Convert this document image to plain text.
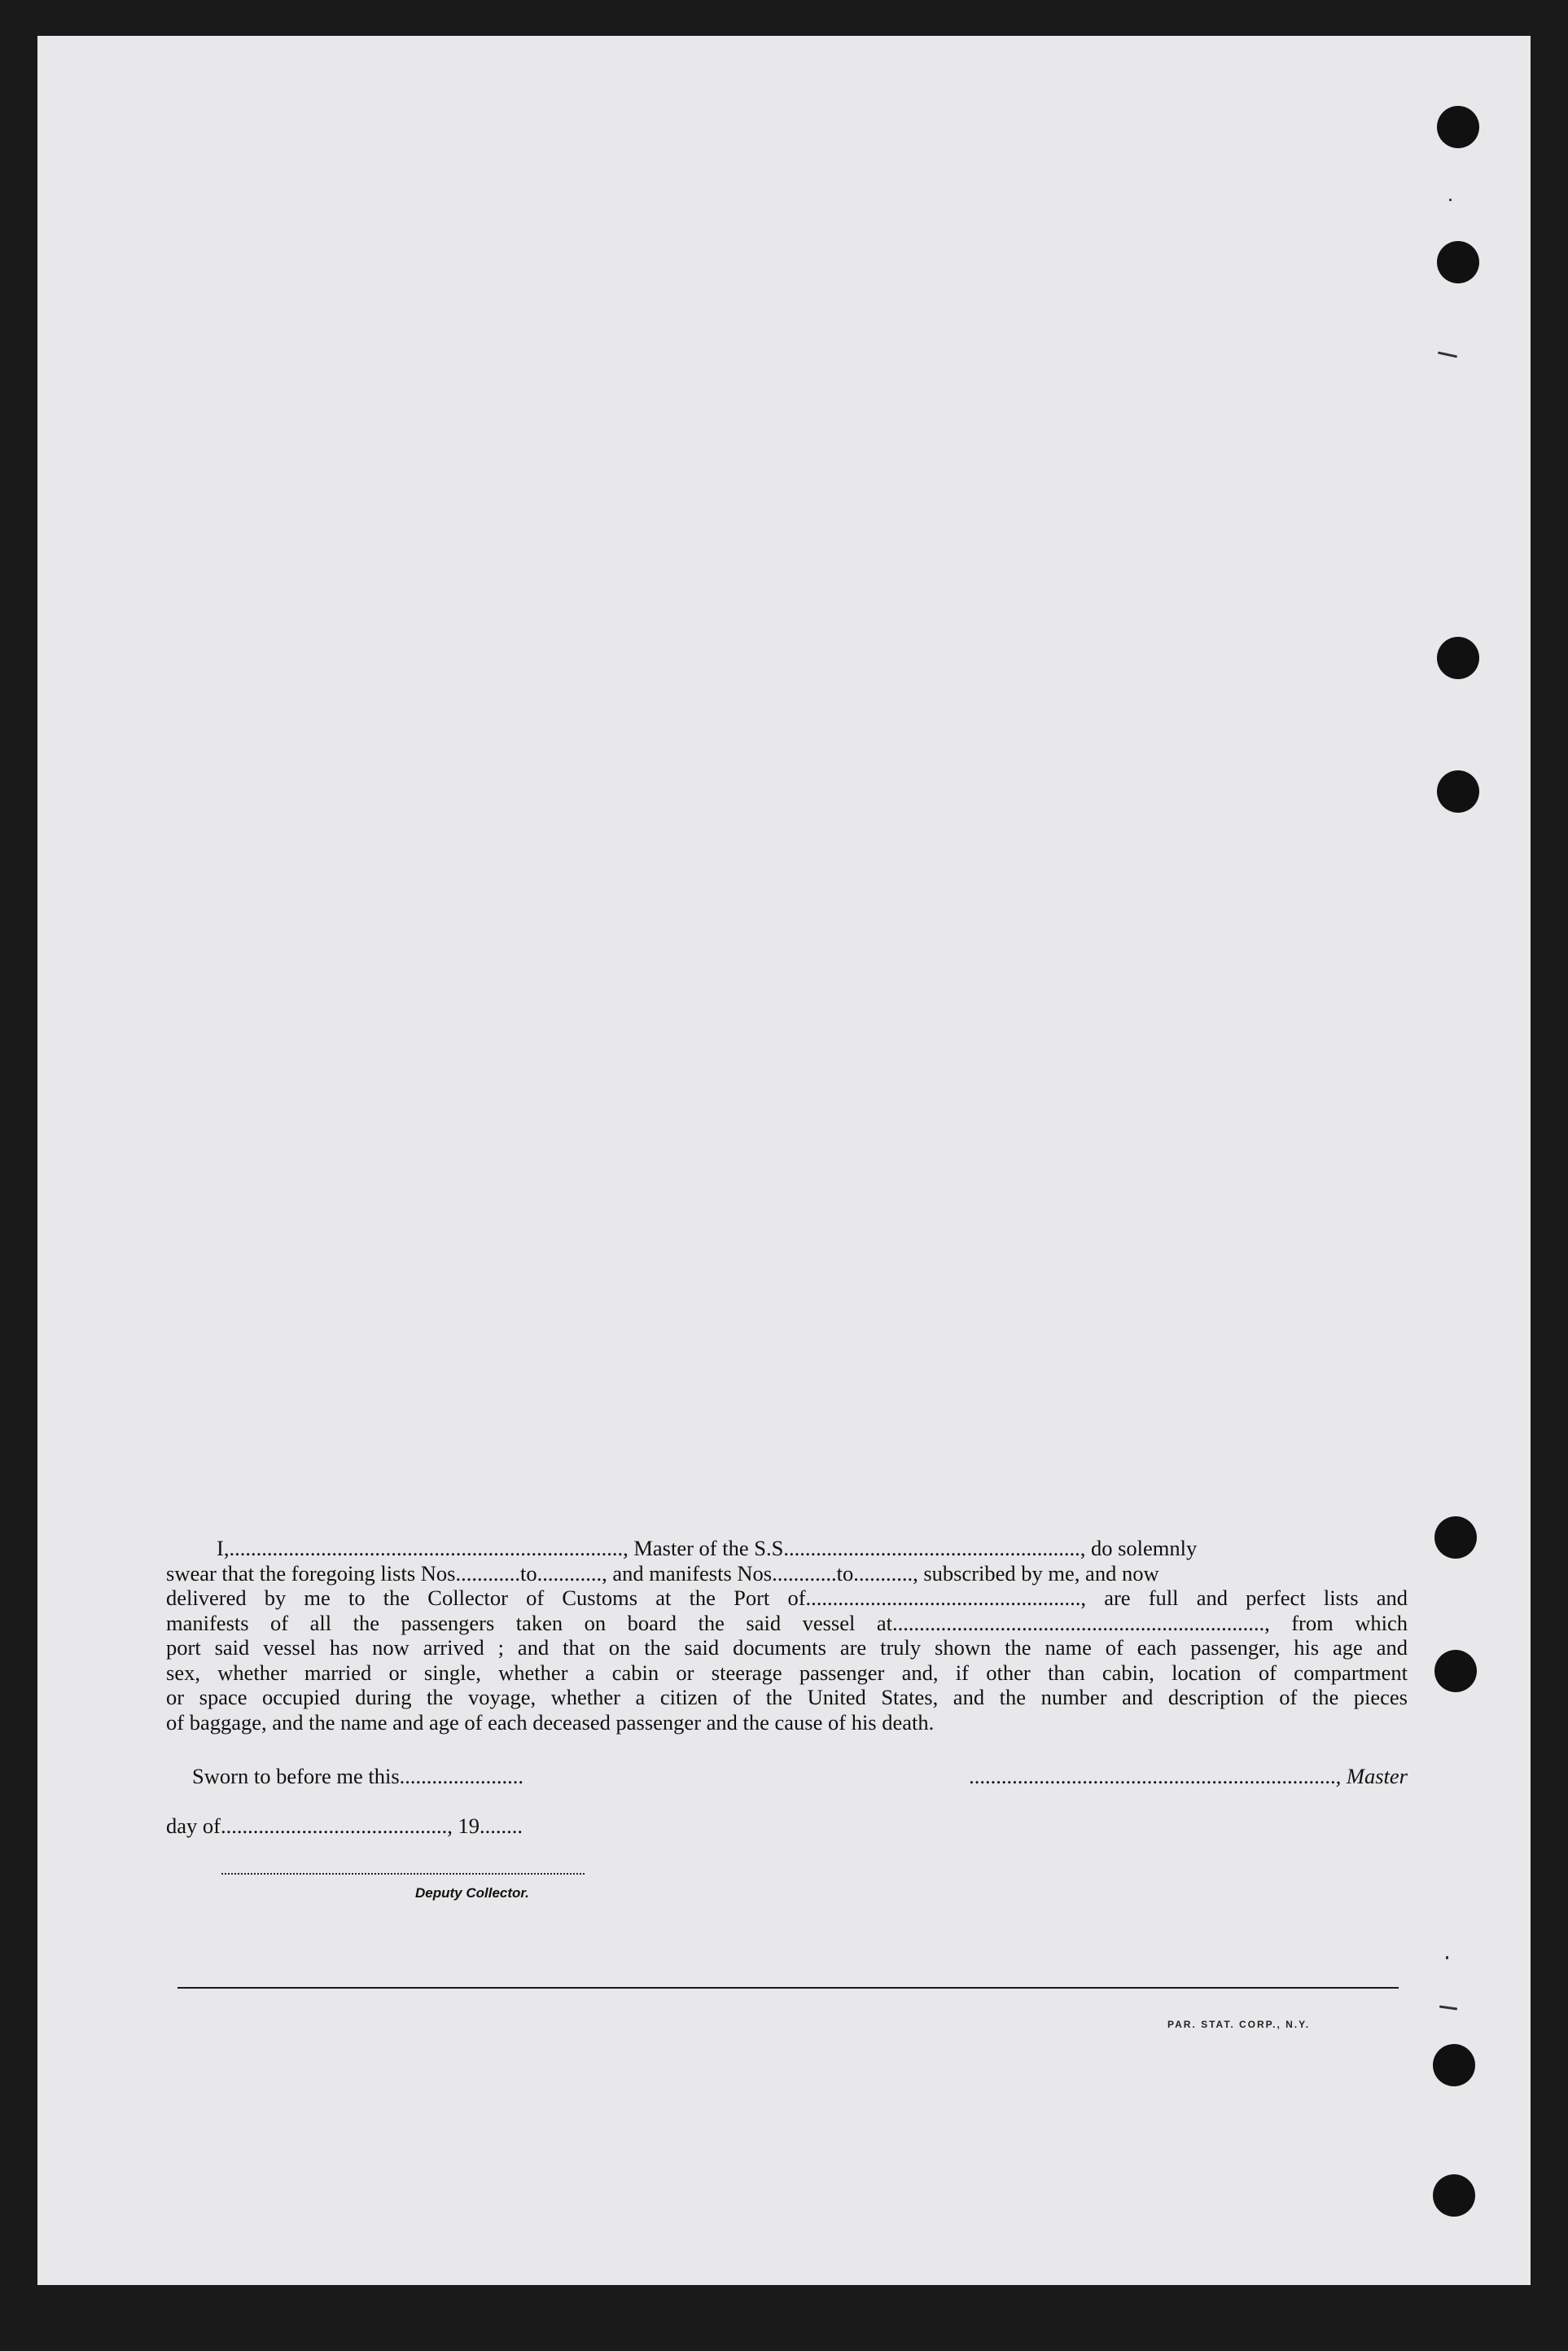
I,........................................................................., Master of the S.S......................................................., do solemnly
swear that the foregoing lists Nos............to............, and manifests Nos............to..........., subscribed by me, and now
delivered by me to the Collector of Customs at the Port of..................................................., are full and perfect lists and
manifests of all the passengers taken on board the said vessel at....................................................................., from which
port said vessel has now arrived ; and that on the said documents are truly shown the name of each passenger, his age and
sex, whether married or single, whether a cabin or steerage passenger and, if other than cabin, location of compartment
or space occupied during the voyage, whether a citizen of the United States, and the number and description of the pieces
of baggage, and the name and age of each deceased passenger and the cause of his death.
Sworn to before me this.......................	...................................................................., Master
day of.........................................., 19........
Deputy Collector.
PAR. STAT. CORP., N.Y.
